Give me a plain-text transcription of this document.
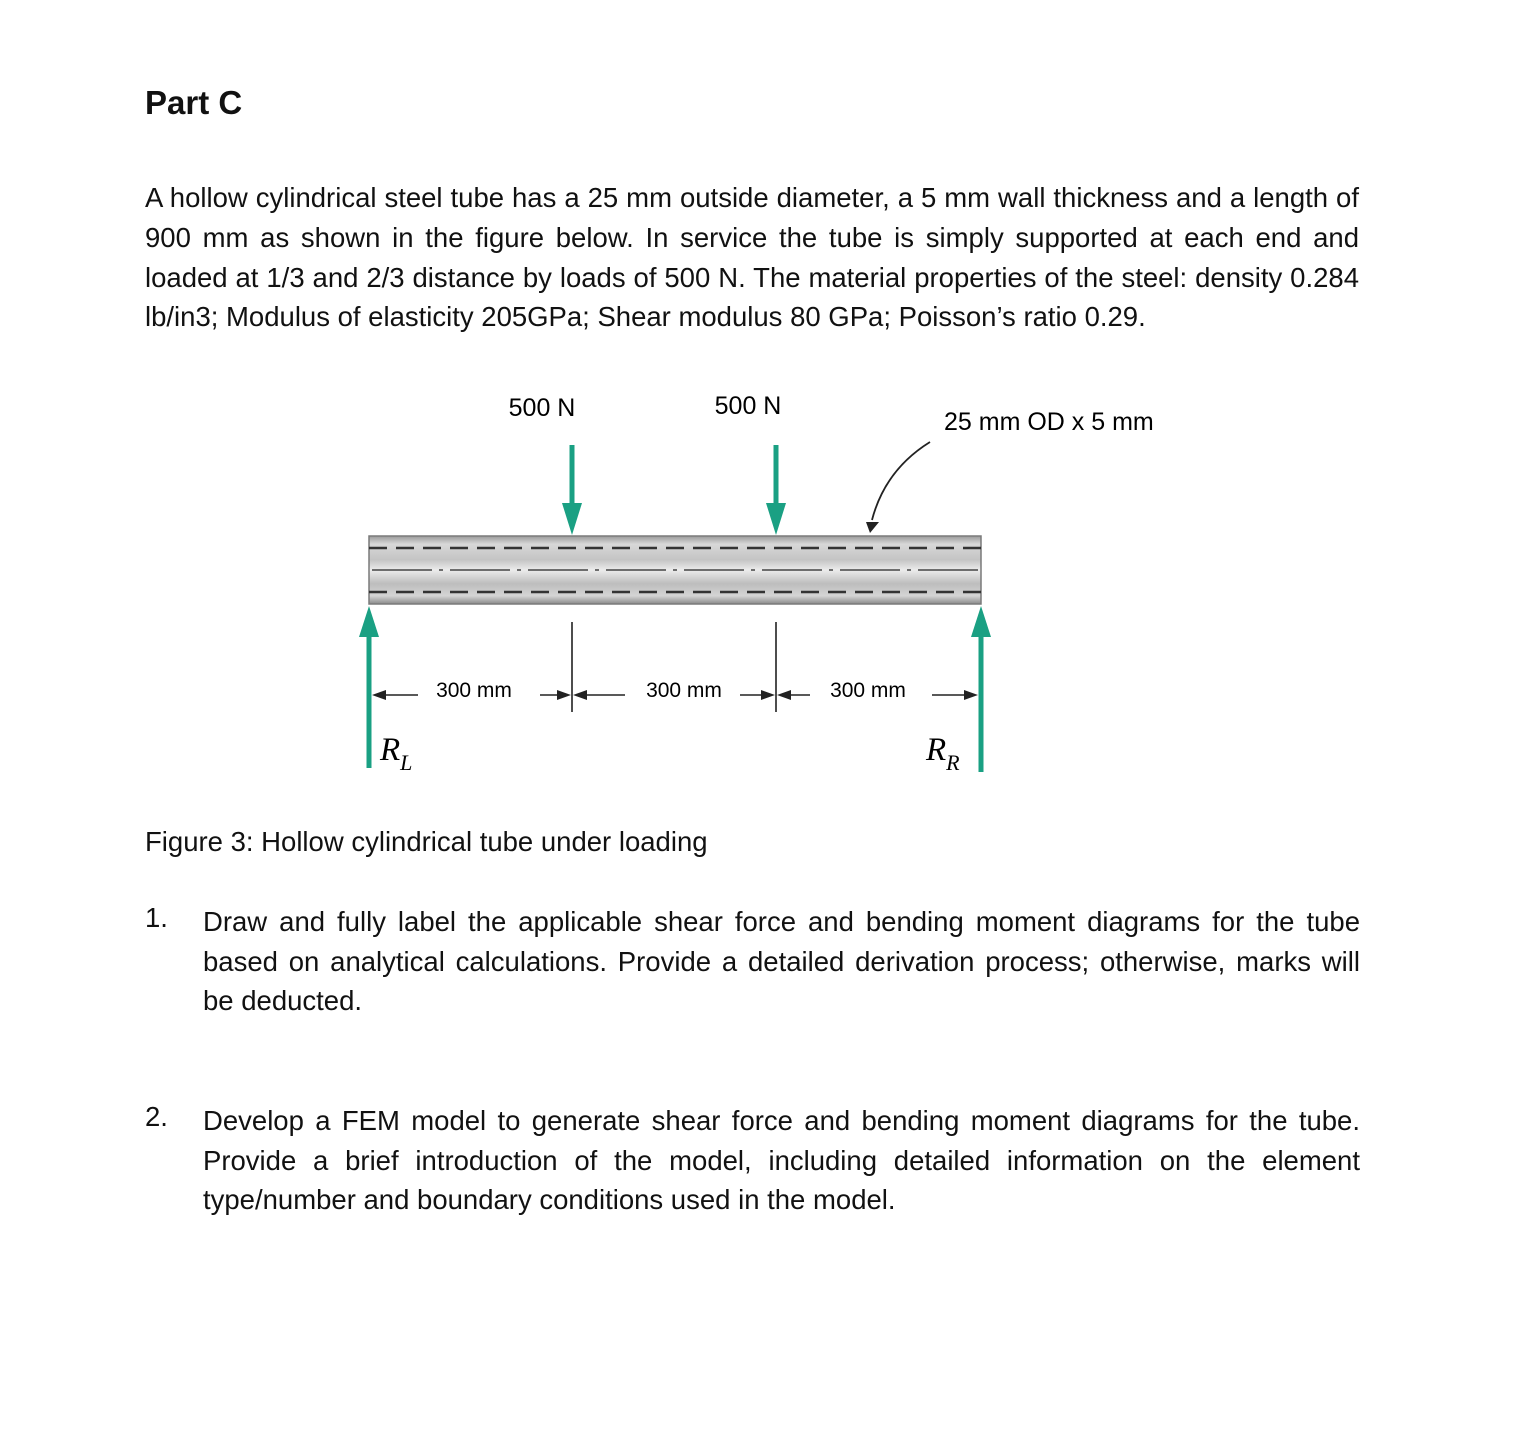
Part C

A hollow cylindrical steel tube has a 25 mm outside diameter, a 5 mm wall thickness and a length of 900 mm as shown in the figure below. In service the tube is simply supported at each end and loaded at 1/3 and 2/3 distance by loads of 500 N. The material properties of the steel: density 0.284 lb/in3; Modulus of elasticity 205GPa; Shear modulus 80 GPa; Poisson’s ratio 0.29.

500 N	500 N
25 mm OD x 5 mm
$R_L$	$R_R$
300 mm	300 mm	300 mm

Figure 3: Hollow cylindrical tube under loading

1. Draw and fully label the applicable shear force and bending moment diagrams for the tube based on analytical calculations. Provide a detailed derivation process; otherwise, marks will be deducted.

2. Develop a FEM model to generate shear force and bending moment diagrams for the tube. Provide a brief introduction of the model, including detailed information on the element type/number and boundary conditions used in the model.
